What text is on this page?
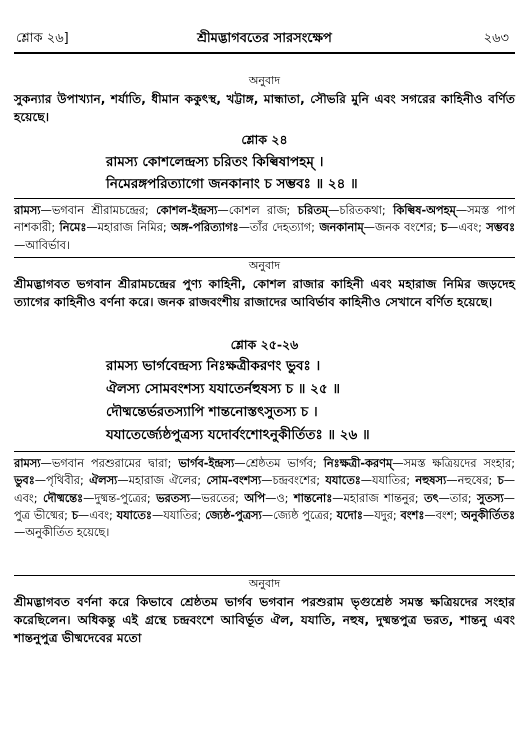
শ্লোক ২৬]	শ্রীমদ্ভাগবতের সারসংক্ষেপ	২৬৩

অনুবাদ

সুকন্যার উপাখ্যান, শর্যাতি, ধীমান ককুৎস্থ, খট্টাঙ্গ, মান্ধাতা, সৌভরি মুনি এবং সগরের কাহিনীও বর্ণিত হয়েছে।

শ্লোক ২৪

রামস্য কোশলেন্দ্রস্য চরিতং কিল্বিষাপহম্ ।

নিমেরঙ্গপরিত্যাগো জনকানাং চ সম্ভবঃ ॥ ২৪ ॥

রামস্য—ভগবান শ্রীরামচন্দ্রের; কোশল-ইন্দ্রস্য—কোশল রাজ; চরিতম্—চরিতকথা; কিল্বিষ-অপহম্—সমস্ত পাপ নাশকারী; নিমেঃ—মহারাজ নিমির; অঙ্গ-পরিত্যাগঃ—তাঁর দেহত্যাগ; জনকানাম্—জনক বংশের; চ—এবং; সম্ভবঃ—আবির্ভাব।

অনুবাদ

শ্রীমদ্ভাগবত ভগবান শ্রীরামচন্দ্রের পুণ্য কাহিনী, কোশল রাজার কাহিনী এবং মহারাজ নিমির জড়দেহ ত্যাগের কাহিনীও বর্ণনা করে। জনক রাজবংশীয় রাজাদের আবির্ভাব কাহিনীও সেখানে বর্ণিত হয়েছে।

শ্লোক ২৫-২৬

রামস্য ভার্গবেন্দ্রস্য নিঃক্ষত্রীকরণং ভুবঃ ।

ঐলস্য সোমবংশস্য যযাতের্নহুষস্য চ ॥ ২৫ ॥

দৌষ্মন্তের্ভরতস্যাপি শান্তনোস্তৎসুতস্য চ ।

যযাতের্জ্যেষ্ঠপুত্রস্য যদোর্বংশোঽনুকীর্তিতঃ ॥ ২৬ ॥

রামস্য—ভগবান পরশুরামের দ্বারা; ভার্গব-ইন্দ্রস্য—শ্রেষ্ঠতম ভার্গব; নিঃক্ষত্রী-করণম্—সমস্ত ক্ষত্রিয়দের সংহার; ভুবঃ—পৃথিবীর; ঐলস্য—মহারাজ ঐলের; সোম-বংশস্য—চন্দ্রবংশের; যযাতেঃ—যযাতির; নহুষস্য—নহুষের; চ—এবং; দৌষ্মন্তেঃ—দুষ্মন্ত-পুত্রের; ভরতস্য—ভরতের; অপি—ও; শান্তনোঃ—মহারাজ শান্তনুর; তৎ—তার; সুতস্য—পুত্র ভীষ্মের; চ—এবং; যযাতেঃ—যযাতির; জ্যেষ্ঠ-পুত্রস্য—জ্যেষ্ঠ পুত্রের; যদোঃ—যদুর; বংশঃ—বংশ; অনুকীর্তিতঃ—অনুকীর্তিত হয়েছে।

অনুবাদ

শ্রীমদ্ভাগবত বর্ণনা করে কিভাবে শ্রেষ্ঠতম ভার্গব ভগবান পরশুরাম ভৃগুশ্রেষ্ঠ সমস্ত ক্ষত্রিয়দের সংহার করেছিলেন। অধিকন্তু এই গ্রন্থে চন্দ্রবংশে আবির্ভূত ঐল, যযাতি, নহুষ, দুষ্মন্তপুত্র ভরত, শান্তনু এবং শান্তনুপুত্র ভীষ্মদেবের মতো
